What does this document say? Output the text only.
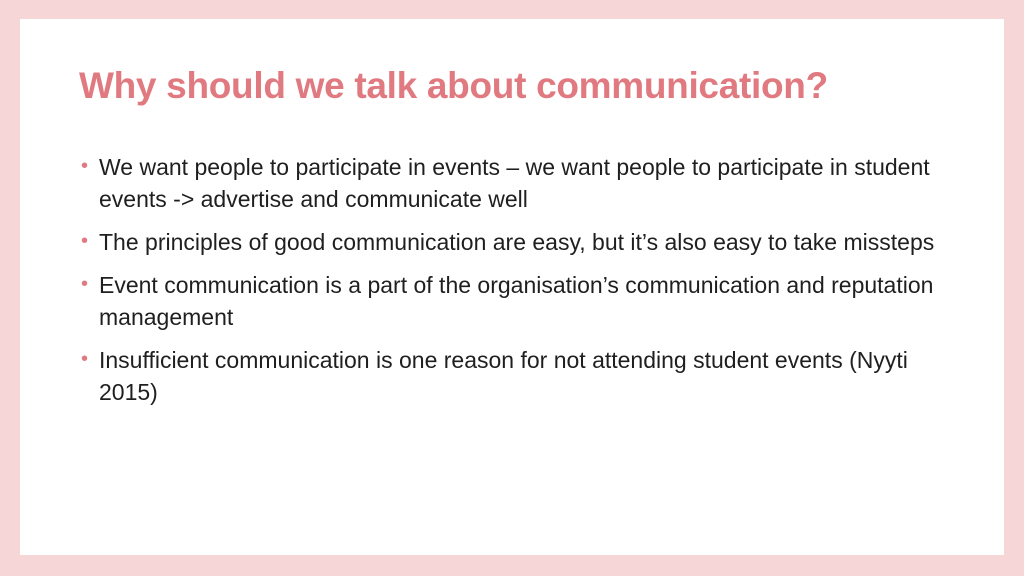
Why should we talk about communication?
• We want people to participate in events – we want people to participate in student events -> advertise and communicate well
• The principles of good communication are easy, but it’s also easy to take missteps
• Event communication is a part of the organisation’s communication and reputation management
• Insufficient communication is one reason for not attending student events (Nyyti 2015)
